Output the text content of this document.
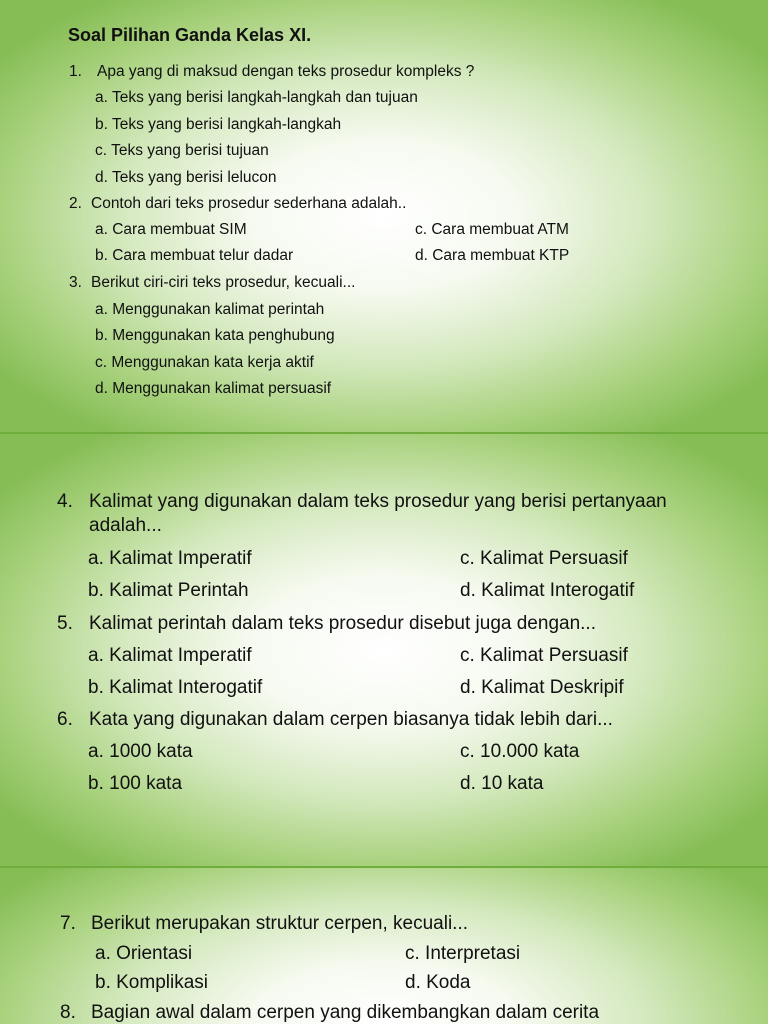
Soal Pilihan Ganda Kelas XI.
1. Apa yang di maksud dengan teks prosedur kompleks ?
a. Teks yang berisi langkah-langkah dan tujuan
b. Teks yang berisi langkah-langkah
c. Teks yang berisi tujuan
d. Teks yang berisi lelucon
2. Contoh dari teks prosedur sederhana adalah..
a. Cara membuat SIM	c. Cara membuat ATM
b. Cara membuat telur dadar	d. Cara membuat KTP
3. Berikut ciri-ciri teks prosedur, kecuali...
a. Menggunakan kalimat perintah
b. Menggunakan kata penghubung
c. Menggunakan kata kerja aktif
d. Menggunakan kalimat persuasif
4. Kalimat yang digunakan dalam teks prosedur yang berisi pertanyaan
adalah...
a. Kalimat Imperatif	c. Kalimat Persuasif
b. Kalimat Perintah	d. Kalimat Interogatif
5. Kalimat perintah dalam teks prosedur disebut juga dengan...
a. Kalimat Imperatif	c. Kalimat Persuasif
b. Kalimat Interogatif	d. Kalimat Deskripif
6. Kata yang digunakan dalam cerpen biasanya tidak lebih dari...
a. 1000 kata	c. 10.000 kata
b. 100 kata	d. 10 kata
7. Berikut merupakan struktur cerpen, kecuali...
a. Orientasi	c. Interpretasi
b. Komplikasi	d. Koda
8. Bagian awal dalam cerpen yang dikembangkan dalam cerita
